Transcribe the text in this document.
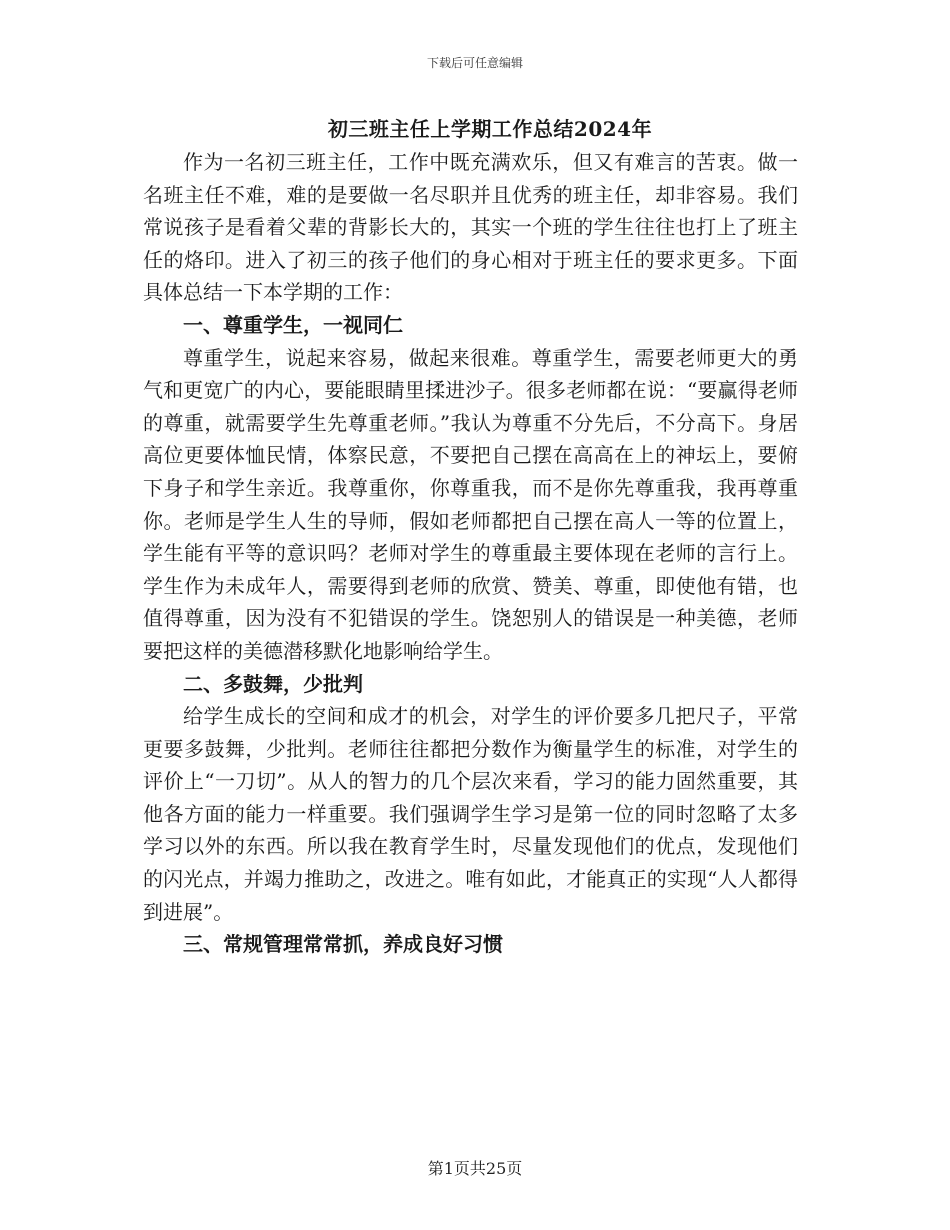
下载后可任意编辑
初三班主任上学期工作总结2024年

作为一名初三班主任，工作中既充满欢乐，但又有难言的苦衷。做一名班主任不难，难的是要做一名尽职并且优秀的班主任，却非容易。我们常说孩子是看着父辈的背影长大的，其实一个班的学生往往也打上了班主任的烙印。进入了初三的孩子他们的身心相对于班主任的要求更多。下面具体总结一下本学期的工作：

一、尊重学生，一视同仁

尊重学生，说起来容易，做起来很难。尊重学生，需要老师更大的勇气和更宽广的内心，要能眼睛里揉进沙子。很多老师都在说：“要赢得老师的尊重，就需要学生先尊重老师。”我认为尊重不分先后，不分高下。身居高位更要体恤民情，体察民意，不要把自己摆在高高在上的神坛上，要俯下身子和学生亲近。我尊重你，你尊重我，而不是你先尊重我，我再尊重你。老师是学生人生的导师，假如老师都把自己摆在高人一等的位置上，学生能有平等的意识吗？老师对学生的尊重最主要体现在老师的言行上。学生作为未成年人，需要得到老师的欣赏、赞美、尊重，即使他有错，也值得尊重，因为没有不犯错误的学生。饶恕别人的错误是一种美德，老师要把这样的美德潜移默化地影响给学生。

二、多鼓舞，少批判

给学生成长的空间和成才的机会，对学生的评价要多几把尺子，平常更要多鼓舞，少批判。老师往往都把分数作为衡量学生的标准，对学生的评价上“一刀切”。从人的智力的几个层次来看，学习的能力固然重要，其他各方面的能力一样重要。我们强调学生学习是第一位的同时忽略了太多学习以外的东西。所以我在教育学生时，尽量发现他们的优点，发现他们的闪光点，并竭力推助之，改进之。唯有如此，才能真正的实现“人人都得到进展”。

三、常规管理常常抓，养成良好习惯

第1页共25页
